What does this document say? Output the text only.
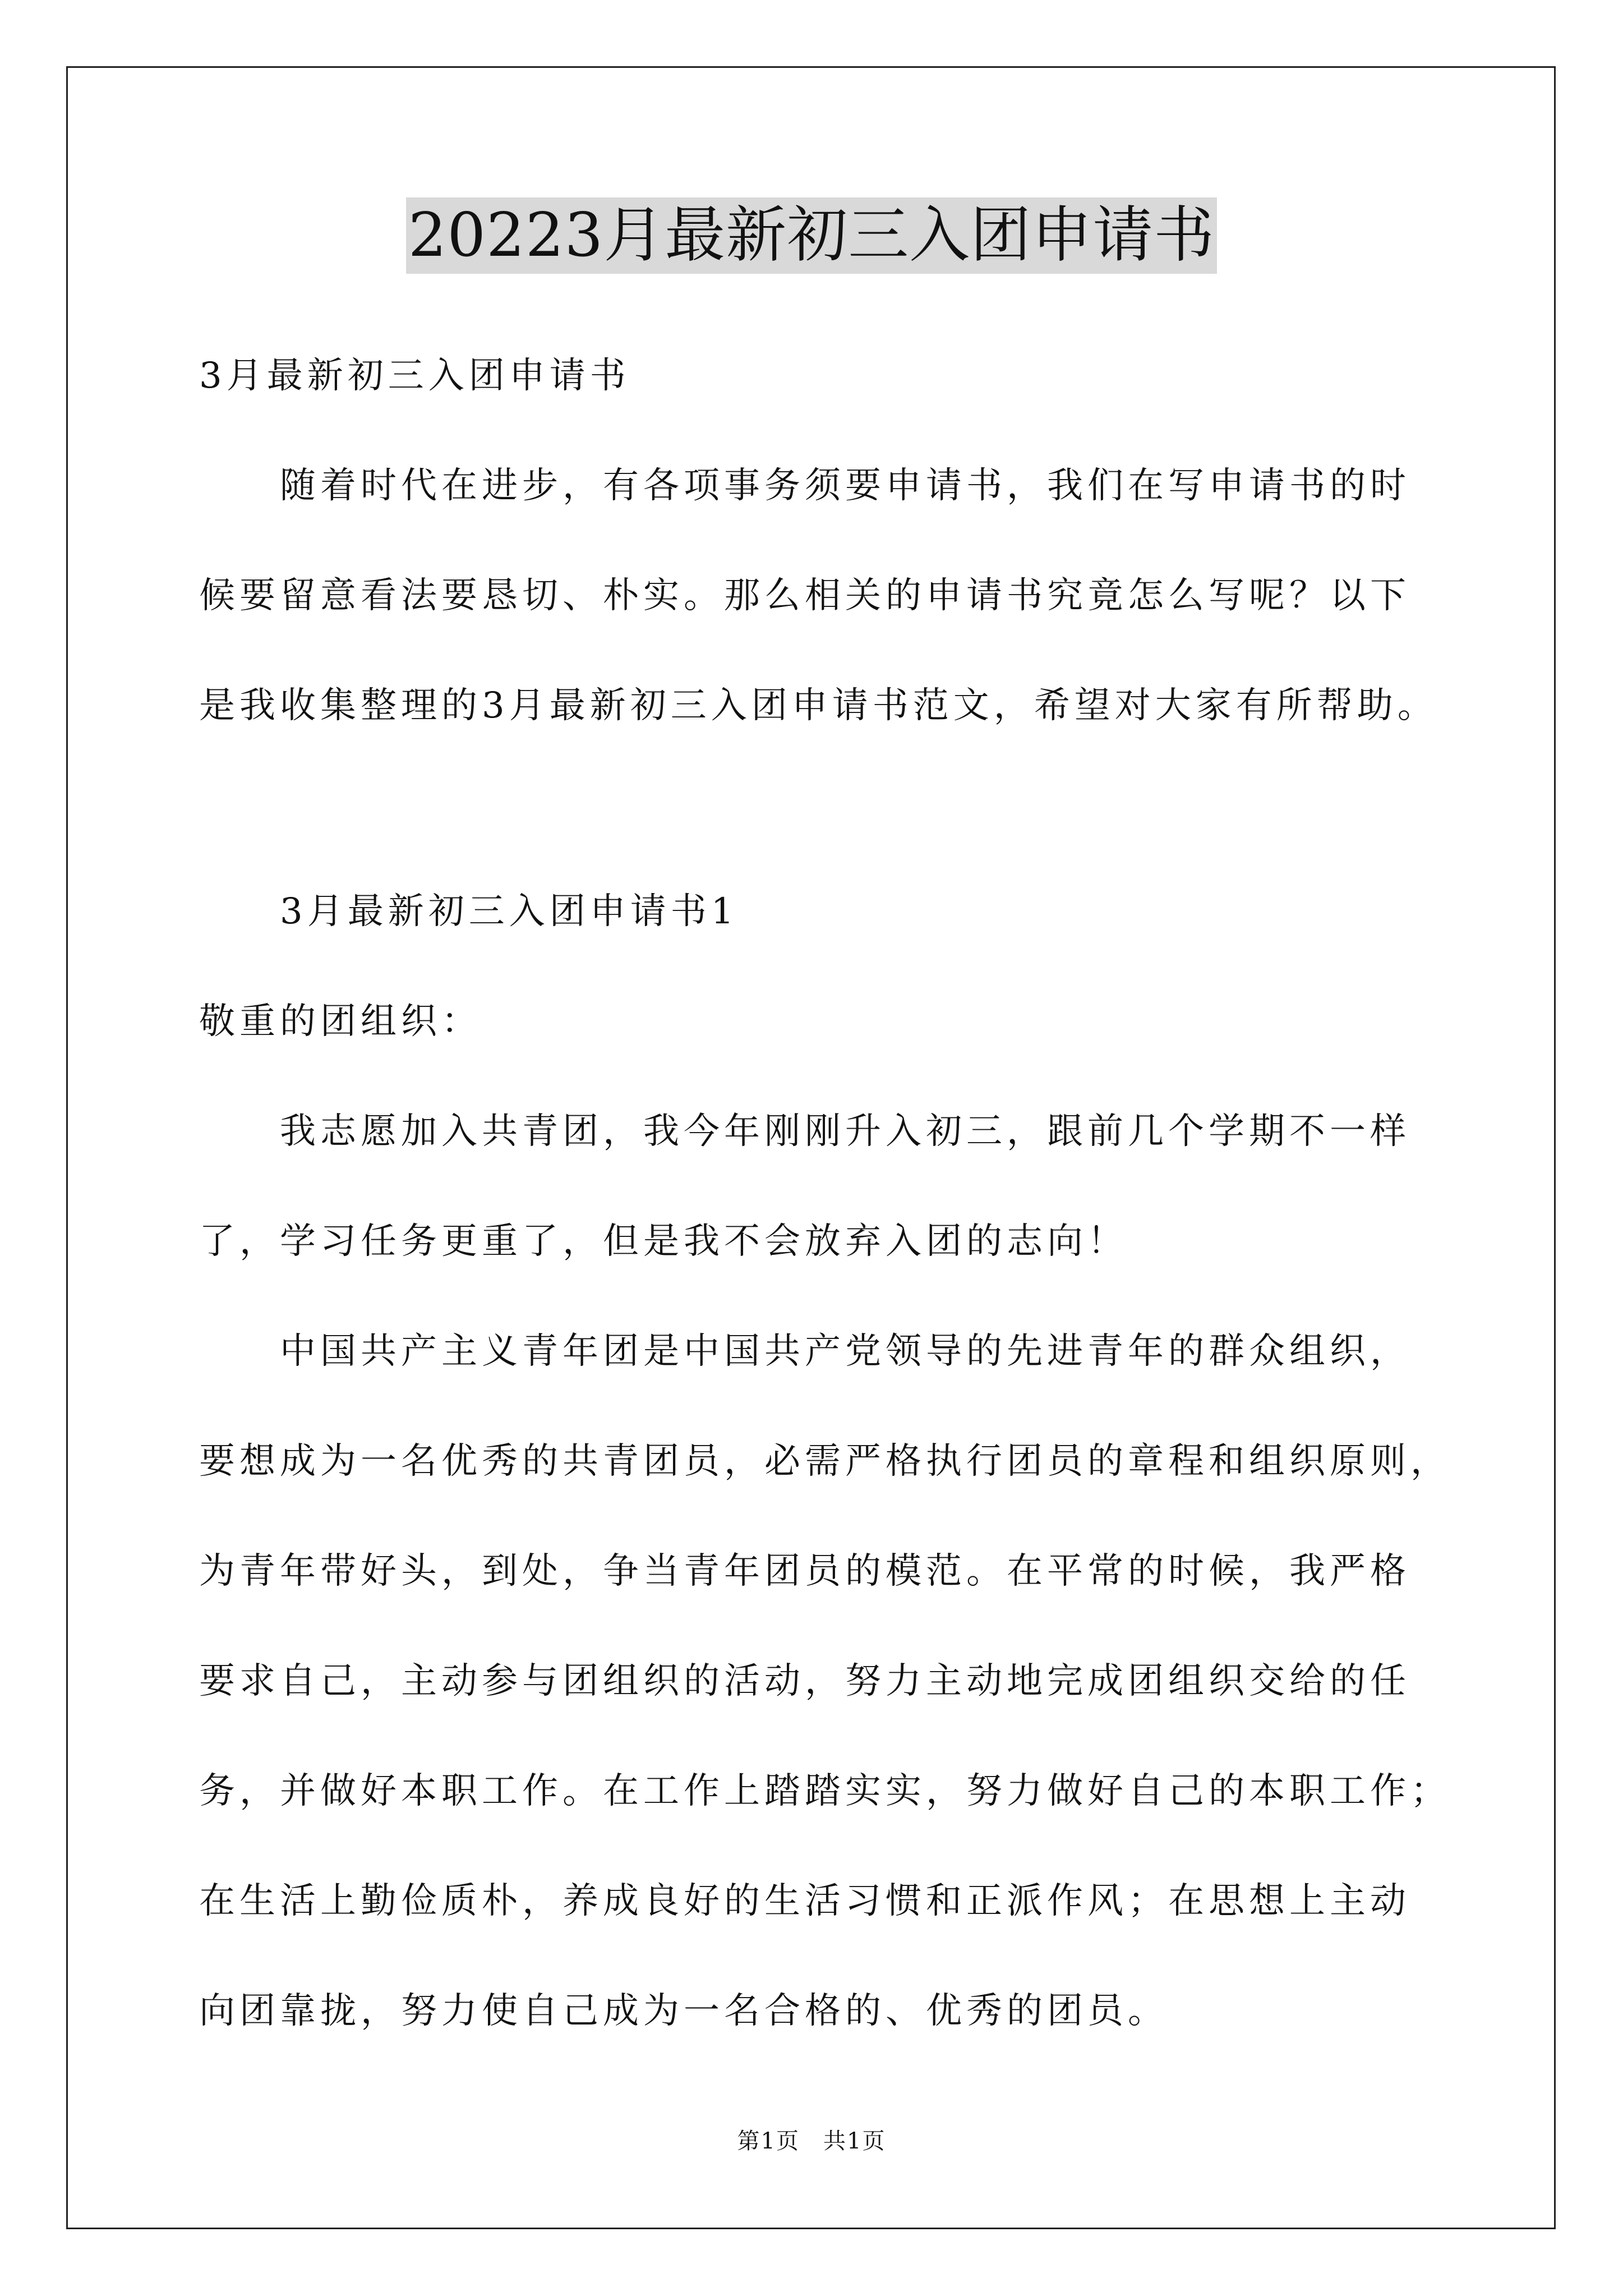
20223月最新初三入团申请书
3月最新初三入团申请书
随着时代在进步，有各项事务须要申请书，我们在写申请书的时
候要留意看法要恳切、朴实。那么相关的申请书究竟怎么写呢？以下
是我收集整理的3月最新初三入团申请书范文，希望对大家有所帮助。
3月最新初三入团申请书1
敬重的团组织：
我志愿加入共青团，我今年刚刚升入初三，跟前几个学期不一样
了，学习任务更重了，但是我不会放弃入团的志向！
中国共产主义青年团是中国共产党领导的先进青年的群众组织，
要想成为一名优秀的共青团员，必需严格执行团员的章程和组织原则，
为青年带好头，到处，争当青年团员的模范。在平常的时候，我严格
要求自己，主动参与团组织的活动，努力主动地完成团组织交给的任
务，并做好本职工作。在工作上踏踏实实，努力做好自己的本职工作；
在生活上勤俭质朴，养成良好的生活习惯和正派作风；在思想上主动
向团靠拢，努力使自己成为一名合格的、优秀的团员。
第1页　共1页
